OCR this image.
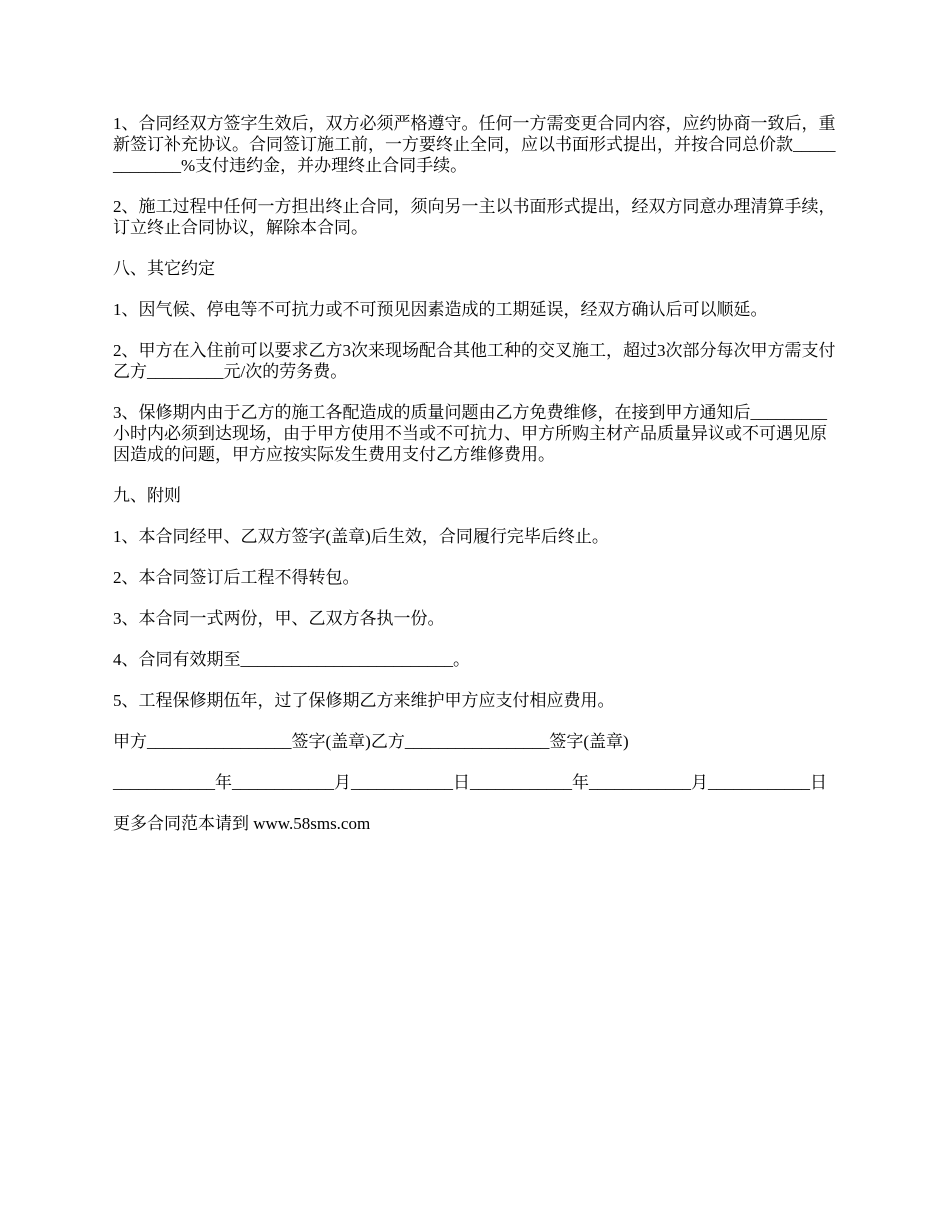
1、合同经双方签字生效后，双方必须严格遵守。任何一方需变更合同内容，应约协商一致后，重新签订补充协议。合同签订施工前，一方要终止全同，应以书面形式提出，并按合同总价款_____________%支付违约金，并办理终止合同手续。

2、施工过程中任何一方担出终止合同，须向另一主以书面形式提出，经双方同意办理清算手续，订立终止合同协议，解除本合同。

八、其它约定

1、因气候、停电等不可抗力或不可预见因素造成的工期延误，经双方确认后可以顺延。

2、甲方在入住前可以要求乙方3次来现场配合其他工种的交叉施工，超过3次部分每次甲方需支付乙方_________元/次的劳务费。

3、保修期内由于乙方的施工各配造成的质量问题由乙方免费维修，在接到甲方通知后_________小时内必须到达现场，由于甲方使用不当或不可抗力、甲方所购主材产品质量异议或不可遇见原因造成的问题，甲方应按实际发生费用支付乙方维修费用。

九、附则

1、本合同经甲、乙双方签字(盖章)后生效，合同履行完毕后终止。

2、本合同签订后工程不得转包。

3、本合同一式两份，甲、乙双方各执一份。

4、合同有效期至_________________________。

5、工程保修期伍年，过了保修期乙方来维护甲方应支付相应费用。

甲方_________________签字(盖章)乙方_________________签字(盖章)

____________年____________月____________日____________年____________月____________日

更多合同范本请到 www.58sms.com
